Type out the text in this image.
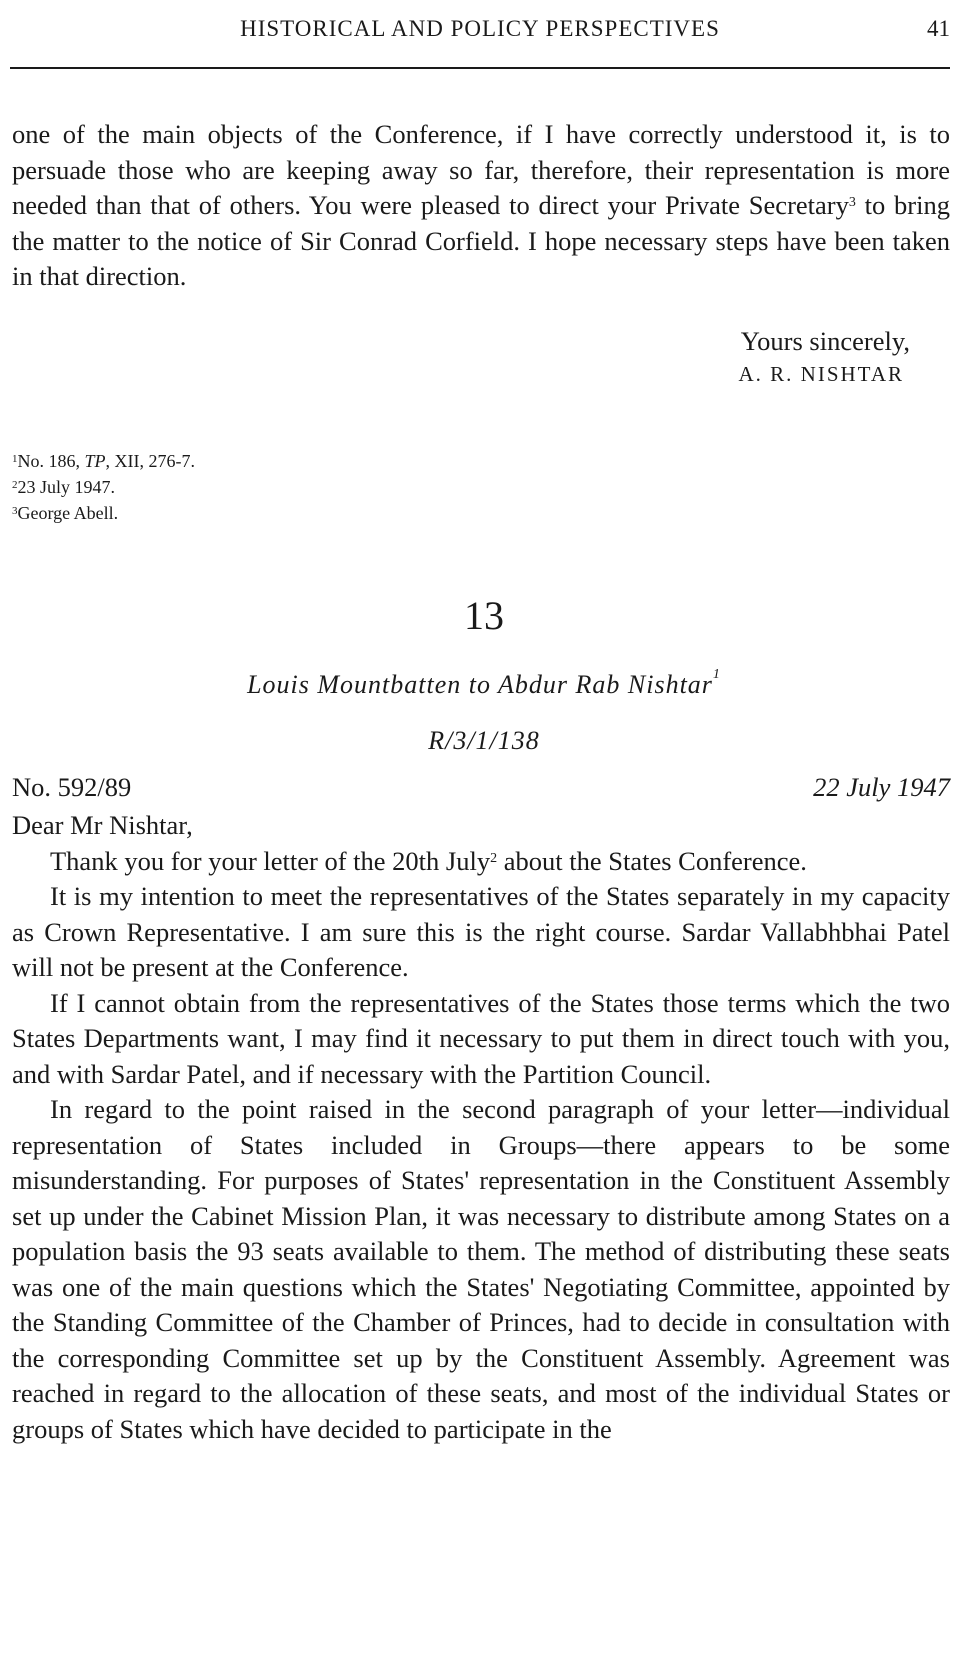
HISTORICAL AND POLICY PERSPECTIVES	41

one of the main objects of the Conference, if I have correctly understood it, is to persuade those who are keeping away so far, therefore, their representation is more needed than that of others. You were pleased to direct your Private Secretary$^3$ to bring the matter to the notice of Sir Conrad Corfield. I hope necessary steps have been taken in that direction.

Yours sincerely,
A. R. NISHTAR
$^1$No. 186, TP, XII, 276-7.
$^2$23 July 1947.
$^3$George Abell.
13
Louis Mountbatten to Abdur Rab Nishtar$^1$
R/3/1/138
No. 592/89	22 July 1947

Dear Mr Nishtar,

Thank you for your letter of the 20th July$^2$ about the States Conference.

It is my intention to meet the representatives of the States separately in my capacity as Crown Representative. I am sure this is the right course. Sardar Vallabhbhai Patel will not be present at the Conference.

If I cannot obtain from the representatives of the States those terms which the two States Departments want, I may find it necessary to put them in direct touch with you, and with Sardar Patel, and if necessary with the Partition Council.

In regard to the point raised in the second paragraph of your letter—individual representation of States included in Groups—there appears to be some misunderstanding. For purposes of States' representation in the Constituent Assembly set up under the Cabinet Mission Plan, it was necessary to distribute among States on a population basis the 93 seats available to them. The method of distributing these seats was one of the main questions which the States' Negotiating Committee, appointed by the Standing Committee of the Chamber of Princes, had to decide in consultation with the corresponding Committee set up by the Constituent Assembly. Agreement was reached in regard to the allocation of these seats, and most of the individual States or groups of States which have decided to participate in the
